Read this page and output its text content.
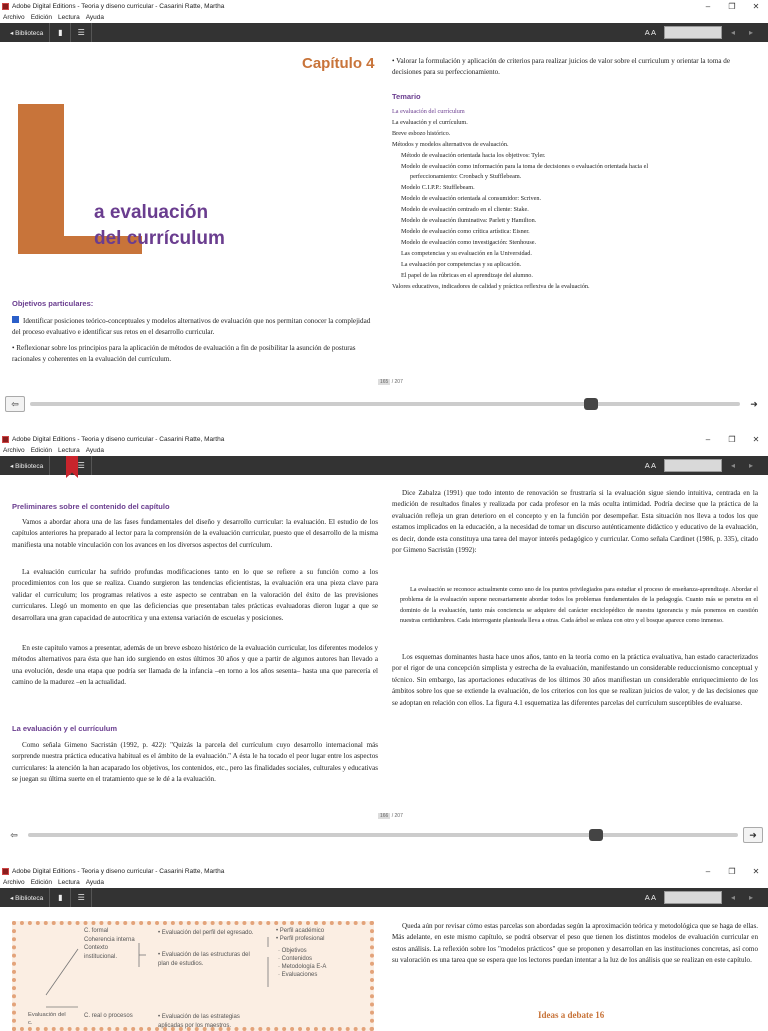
Adobe Digital Editions - Teoria y diseno curricular - Casarini Ratte, Martha	–	❐	✕
Archivo Edición Lectura Ayuda
◂ Biblioteca	▮	☰	A A	◂	▸
Capítulo 4
a evaluación
del currículum
Objetivos particulares:
Identificar posiciones teórico-conceptuales y modelos alternativos de evaluación que nos permitan conocer la complejidad del proceso evaluativo e identificar sus retos en el desarrollo curricular.
• Reflexionar sobre los principios para la aplicación de métodos de evaluación a fin de posibilitar la asunción de posturas racionales y coherentes en la evaluación del currículum.
• Valorar la formulación y aplicación de criterios para realizar juicios de valor sobre el curriculum y orientar la toma de decisiones para su perfeccionamiento.
Temario
La evaluación del currículum
La evaluación y el currículum.
Breve esbozo histórico.
Métodos y modelos alternativos de evaluación.
Método de evaluación orientada hacia los objetivos: Tyler.
Modelo de evaluación como información para la toma de decisiones o evaluación orientada hacia el
perfeccionamiento: Cronbach y Stufflebeam.
Modelo C.I.P.P.: Stufflebeam.
Modelo de evaluación orientada al consumidor: Scriven.
Modelo de evaluación centrado en el cliente: Stake.
Modelo de evaluación iluminativa: Parlett y Hamilton.
Modelo de evaluación como crítica artística: Eisner.
Modelo de evaluación como investigación: Stenhouse.
Las competencias y su evaluación en la Universidad.
La evaluación por competencias y su aplicación.
El papel de las rúbricas en el aprendizaje del alumno.
Valores educativos, indicadores de calidad y práctica reflexiva de la evaluación.
165 / 207
⇦	➜
Adobe Digital Editions - Teoria y diseno curricular - Casarini Ratte, Martha	–	❐	✕
Archivo Edición Lectura Ayuda
◂ Biblioteca	☰	A A	◂	▸
Preliminares sobre el contenido del capítulo

Vamos a abordar ahora una de las fases fundamentales del diseño y desarrollo curricular: la evaluación. El estudio de los capítulos anteriores ha preparado al lector para la comprensión de la evaluación curricular, puesto que el desarrollo de la misma manifiesta una notable vinculación con los avances en los diversos aspectos del currículum.

La evaluación curricular ha sufrido profundas modificaciones tanto en lo que se refiere a su función como a los procedimientos con los que se realiza. Cuando surgieron las tendencias eficientistas, la evaluación era una pieza clave para validar el currículum; los programas relativos a este aspecto se centraban en la valoración del éxito de las previsiones curriculares. Llegó un momento en que las deficiencias que presentaban tales prácticas evaluadoras dieron lugar a que se desarrollara una gran capacidad de autocrítica y una extensa variación de escuelas y posiciones.

En este capítulo vamos a presentar, además de un breve esbozo histórico de la evaluación curricular, los diferentes modelos y métodos alternativos para ésta que han ido surgiendo en estos últimos 30 años y que a partir de algunos autores han llevado a una evolución, desde una etapa que podría ser llamada de la infancia –en torno a los años sesenta– hasta una que parecería el camino de la madurez –en la actualidad.

La evaluación y el currículum

Como señala Gimeno Sacristán (1992, p. 422): "Quizás la parcela del currículum cuyo desarrollo internacional más sorprende nuestra práctica educativa habitual es el ámbito de la evaluación." A ésta le ha tocado el peor lugar entre los aspectos curriculares: la atención la han acaparado los objetivos, los contenidos, etc., pero las finalidades sociales, culturales y educativas se juegan su última suerte en el tratamiento que se le dé a la evaluación.

Dice Zabalza (1991) que todo intento de renovación se frustraría si la evaluación sigue siendo intuitiva, centrada en la medición de resultados finales y realizada por cada profesor en la más oculta intimidad. Podría decirse que la práctica de la evaluación refleja un gran deterioro en el concepto y en la función por desempeñar. Esta situación nos lleva a todos los que estamos implicados en la educación, a la necesidad de tomar un discurso auténticamente didáctico y educativo de la evaluación, es decir, donde esta constituya una tarea del mayor interés pedagógico y curricular. Como señala Cardinet (1986, p. 335), citado por Gimeno Sacristán (1992):

La evaluación se reconoce actualmente como uno de los puntos privilegiados para estudiar el proceso de enseñanza-aprendizaje. Abordar el problema de la evaluación supone necesariamente abordar todos los problemas fundamentales de la pedagogía. Cuanto más se penetra en el dominio de la evaluación, tanto más conciencia se adquiere del carácter enciclopédico de nuestra ignorancia y más ponemos en cuestión nuestras certidumbres. Cada interrogante planteada lleva a otras. Cada árbol se enlaza con otro y el bosque aparece como inmenso.

Los esquemas dominantes hasta hace unos años, tanto en la teoría como en la práctica evaluativa, han estado caracterizados por el rigor de una concepción simplista y estrecha de la evaluación, manifestando un considerable reduccionismo conceptual y técnico. Sin embargo, las aportaciones educativas de los últimos 30 años manifiestan un considerable enriquecimiento de los ámbitos sobre los que se extiende la evaluación, de los criterios con los que se realizan juicios de valor, y de las decisiones que se adoptan en relación con ellos. La figura 4.1 esquematiza las diferentes parcelas del currículum susceptibles de evaluarse.

166 / 207
⇦	➜
Adobe Digital Editions - Teoria y diseno curricular - Casarini Ratte, Martha	–	❐	✕
Archivo Edición Lectura Ayuda
◂ Biblioteca	▮	☰	A A	◂	▸
Evaluación del c.
C. formal Coherencia interna Contexto institucional.
C. real o procesos
• Evaluación del perfil del egresado.
• Evaluación de las estructuras del plan de estudios.
• Evaluación de las estrategias aplicadas por los maestros.
• Perfil académico
• Perfil profesional
· Objetivos
· Contenidos
· Metodología E-A
· Evaluaciones

Queda aún por revisar cómo estas parcelas son abordadas según la aproximación teórica y metodológica que se haga de ellas. Más adelante, en este mismo capítulo, se podrá observar el peso que tienen los distintos modelos de evaluación curricular en estos análisis. La reflexión sobre los "modelos prácticos" que se proponen y desarrollan en las instituciones concretas, así como su valoración es una tarea que se espera que los lectores puedan intentar a la luz de los análisis que se realizan en este capítulo.

Ideas a debate 16
